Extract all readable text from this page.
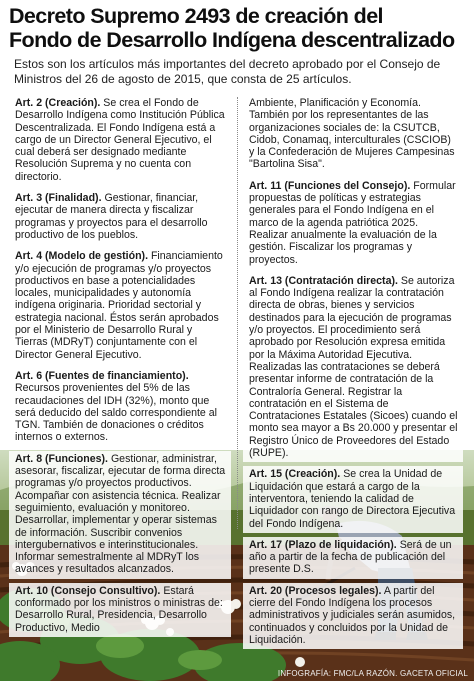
Decreto Supremo 2493 de creación del
Fondo de Desarrollo Indígena descentralizado
Estos son los artículos más importantes del decreto aprobado por el Consejo de Ministros del 26 de agosto de 2015, que consta de 25 artículos.
Art. 2 (Creación). Se crea el Fondo de Desarrollo Indígena como Institución Pública Descentralizada. El Fondo Indígena está a cargo de un Director General Ejecutivo, el cual deberá ser designado mediante Resolución Suprema y no cuenta con directorio.
Art. 3 (Finalidad). Gestionar, financiar, ejecutar de manera directa y fiscalizar programas y proyectos para el desarrollo productivo de los pueblos.
Art. 4 (Modelo de gestión). Financiamiento y/o ejecución de programas y/o proyectos productivos en base a potencialidades locales, municipalidades y autonomía indígena originaria. Prioridad sectorial y estrategia nacional. Éstos serán aprobados por el Ministerio de Desarrollo Rural y Tierras (MDRyT) conjuntamente con el Director General Ejecutivo.
Art. 6 (Fuentes de financiamiento). Recursos provenientes del 5% de las recaudaciones del IDH (32%), monto que será deducido del saldo correspondiente al TGN. También de donaciones o créditos internos o externos.
Art. 8 (Funciones). Gestionar, administrar, asesorar, fiscalizar, ejecutar de forma directa programas y/o proyectos productivos. Acompañar con asistencia técnica. Realizar seguimiento, evaluación y monitoreo. Desarrollar, implementar y operar sistemas de información. Suscribir convenios intergubernativos e interinstitucionales. Informar semestralmente al MDRyT los avances y resultados alcanzados.
Art. 10 (Consejo Consultivo). Estará conformado por los ministros o ministras de: Desarrollo Rural, Presidencia, Desarrollo Productivo, Medio
Ambiente, Planificación y Economía. También por los representantes de las organizaciones sociales de: la CSUTCB, Cidob, Conamaq, interculturales (CSCIOB) y la Confederación de Mujeres Campesinas "Bartolina Sisa".
Art. 11 (Funciones del Consejo). Formular propuestas de políticas y estrategias generales para el Fondo Indígena en el marco de la agenda patriótica 2025. Realizar anualmente la evaluación de la gestión. Fiscalizar los programas y proyectos.
Art. 13 (Contratación directa). Se autoriza al Fondo Indígena realizar la contratación directa de obras, bienes y servicios destinados para la ejecución de programas y/o proyectos. El procedimiento será aprobado por Resolución expresa emitida por la Máxima Autoridad Ejecutiva. Realizadas las contrataciones se deberá presentar informe de contratación de la Contraloría General. Registrar la contratación en el Sistema de Contrataciones Estatales (Sicoes) cuando el monto sea mayor a Bs 20.000 y presentar el Registro Único de Proveedores del Estado (RUPE).
Art. 15 (Creación). Se crea la Unidad de Liquidación que estará a cargo de la interventora, teniendo la calidad de Liquidador con rango de Directora Ejecutiva del Fondo Indígena.
Art. 17 (Plazo de liquidación). Será de un año a partir de la fecha de publicación del presente D.S.
Art. 20 (Procesos legales). A partir del cierre del Fondo Indígena los procesos administrativos y judiciales serán asumidos, continuados y concluidos por la Unidad de Liquidación.
INFOGRAFÍA: FMC/LA RAZÓN. GACETA OFICIAL
